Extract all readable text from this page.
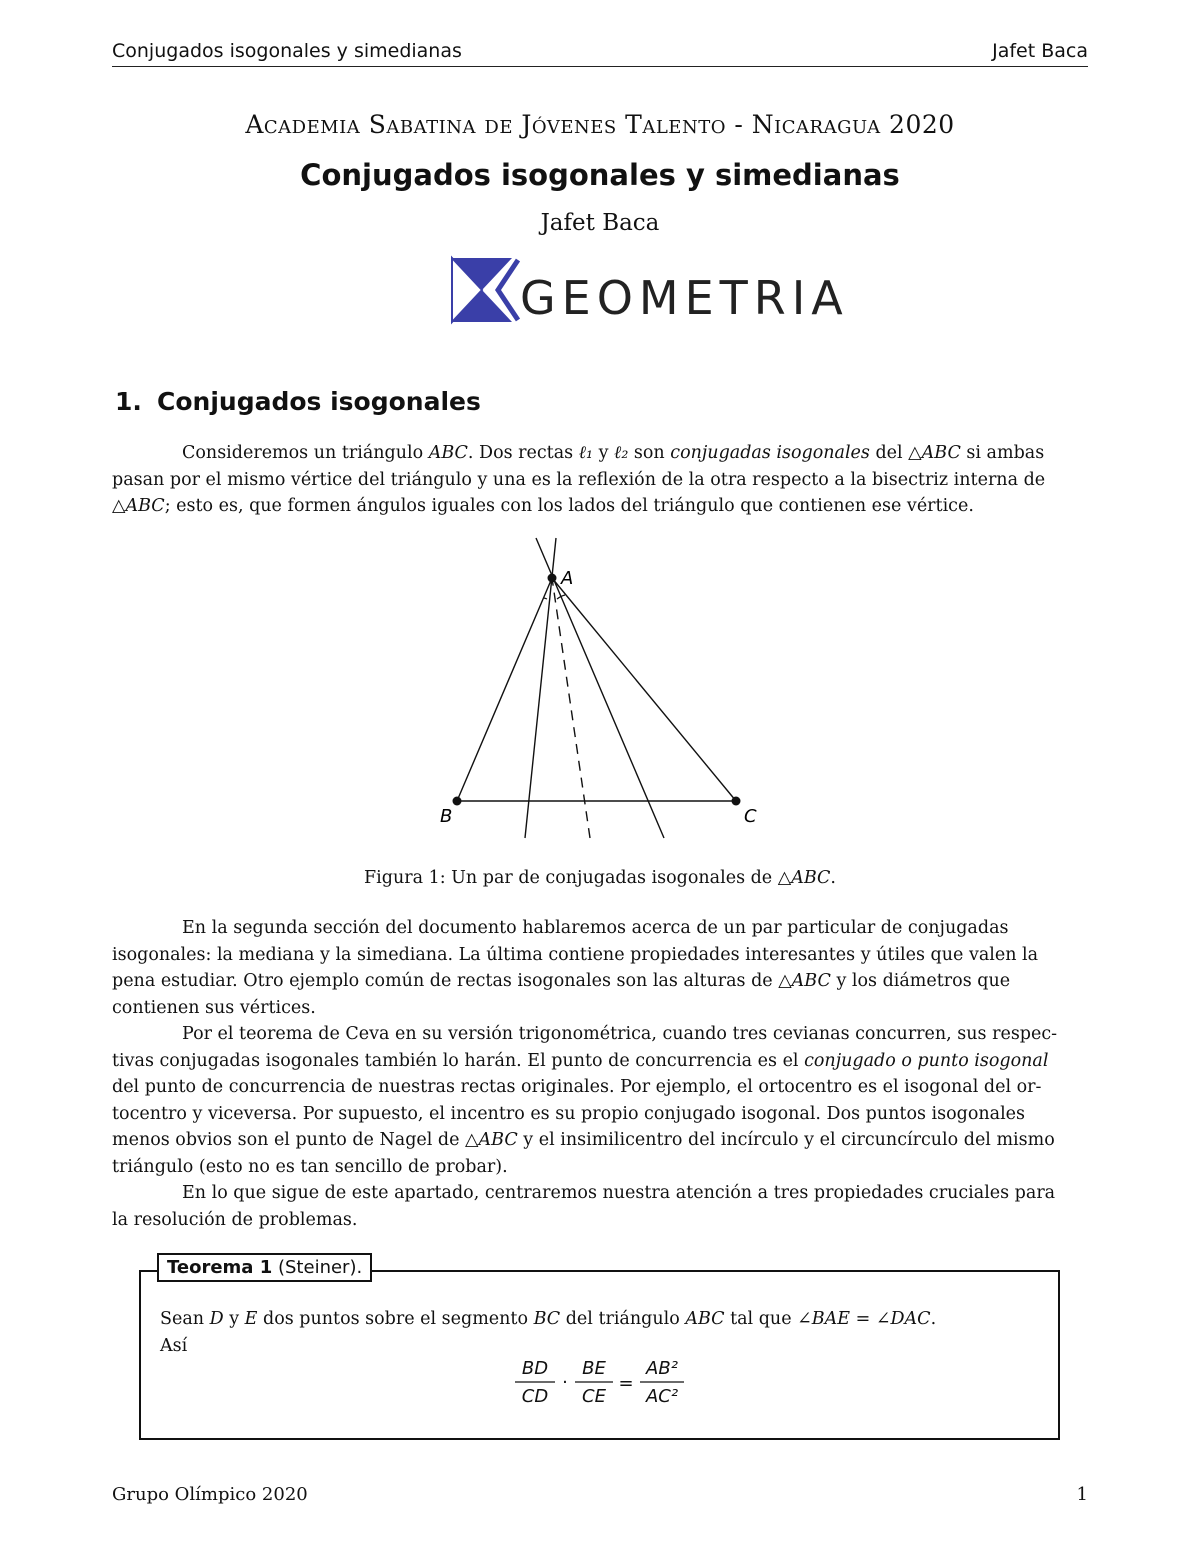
Conjugados isogonales y simedianas	Jafet Baca
Academia Sabatina de Jóvenes Talento - Nicaragua 2020
Conjugados isogonales y simedianas
Jafet Baca
GEOMETRIA
1. Conjugados isogonales
Consideremos un triángulo ABC. Dos rectas ℓ₁ y ℓ₂ son conjugadas isogonales del △ABC si ambas
pasan por el mismo vértice del triángulo y una es la reflexión de la otra respecto a la bisectriz interna de
△ABC; esto es, que formen ángulos iguales con los lados del triángulo que contienen ese vértice.
A
B	C
Figura 1: Un par de conjugadas isogonales de △ABC.
En la segunda sección del documento hablaremos acerca de un par particular de conjugadas
isogonales: la mediana y la simediana. La última contiene propiedades interesantes y útiles que valen la
pena estudiar. Otro ejemplo común de rectas isogonales son las alturas de △ABC y los diámetros que
contienen sus vértices.
Por el teorema de Ceva en su versión trigonométrica, cuando tres cevianas concurren, sus respec-
tivas conjugadas isogonales también lo harán. El punto de concurrencia es el conjugado o punto isogonal
del punto de concurrencia de nuestras rectas originales. Por ejemplo, el ortocentro es el isogonal del or-
tocentro y viceversa. Por supuesto, el incentro es su propio conjugado isogonal. Dos puntos isogonales
menos obvios son el punto de Nagel de △ABC y el insimilicentro del incírculo y el circuncírculo del mismo
triángulo (esto no es tan sencillo de probar).
En lo que sigue de este apartado, centraremos nuestra atención a tres propiedades cruciales para
la resolución de problemas.
Teorema 1 (Steiner).
Sean D y E dos puntos sobre el segmento BC del triángulo ABC tal que ∠BAE = ∠DAC.
Así
BD
CD
·
BE
CE
=
AB²
AC²
Grupo Olímpico 2020	1
